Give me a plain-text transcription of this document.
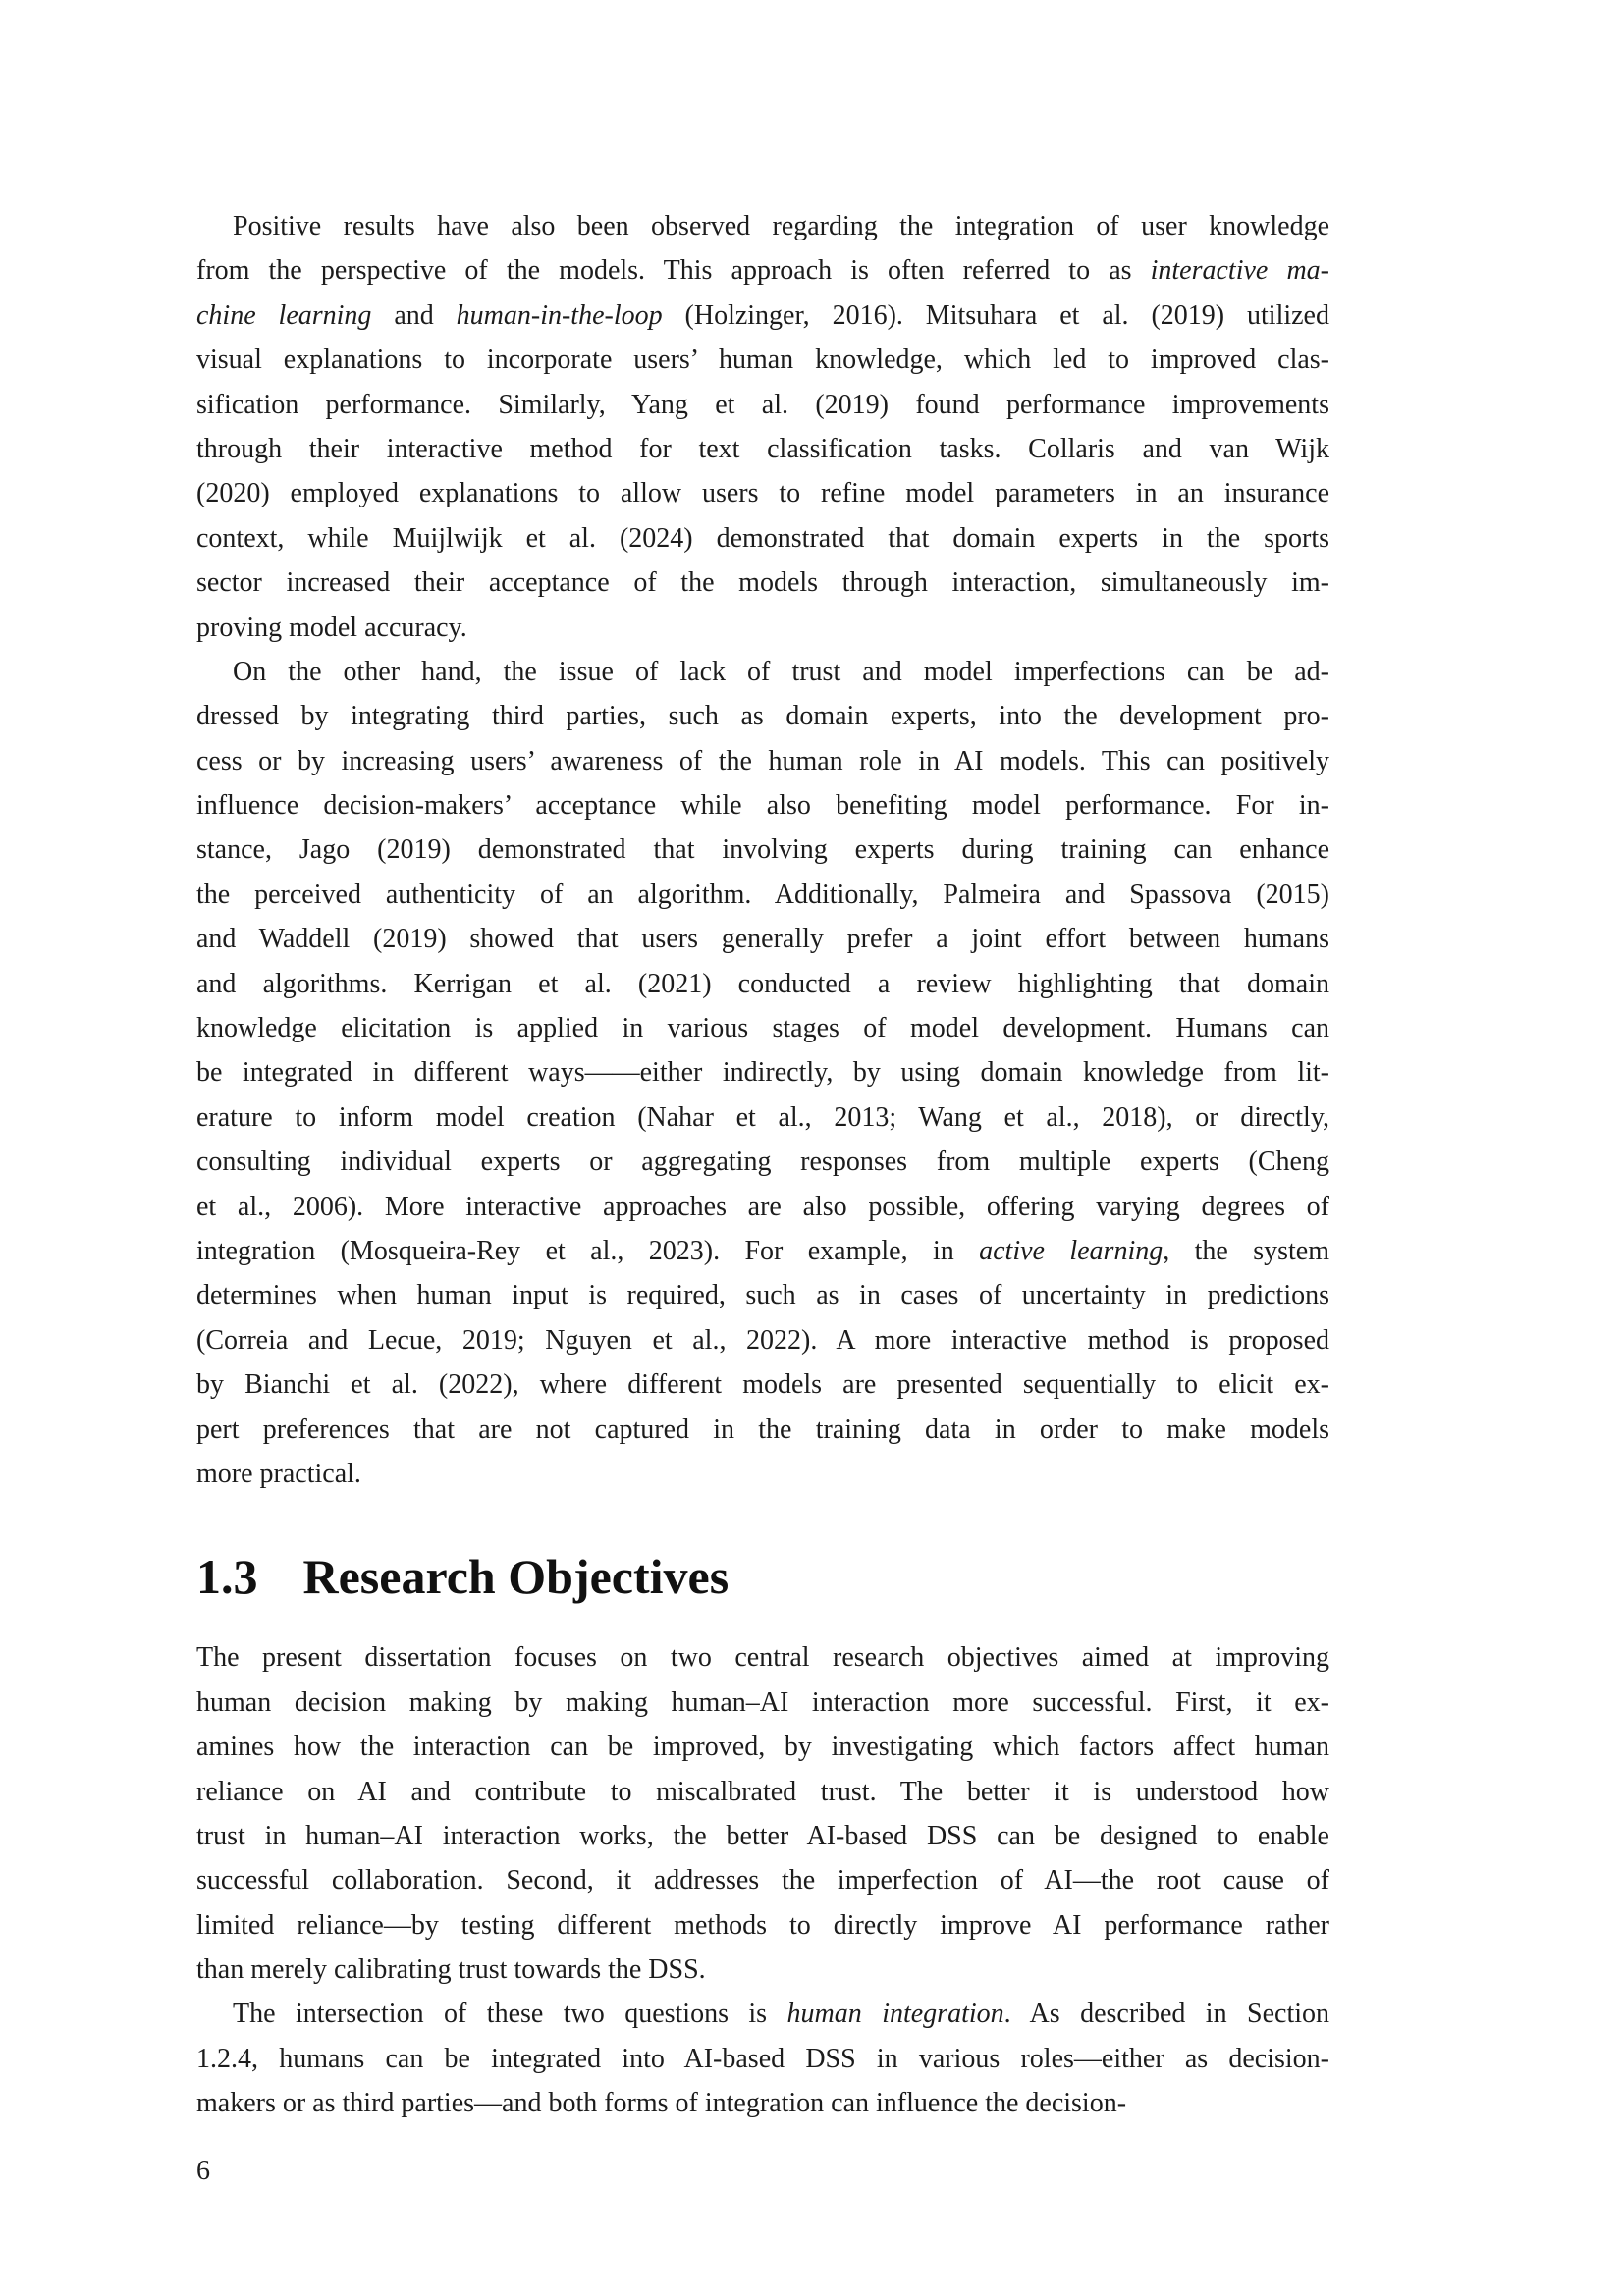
Positive results have also been observed regarding the integration of user knowledge
from the perspective of the models. This approach is often referred to as interactive ma-
chine learning and human-in-the-loop (Holzinger, 2016). Mitsuhara et al. (2019) utilized
visual explanations to incorporate users’ human knowledge, which led to improved clas-
sification performance. Similarly, Yang et al. (2019) found performance improvements
through their interactive method for text classification tasks. Collaris and van Wijk
(2020) employed explanations to allow users to refine model parameters in an insurance
context, while Muijlwijk et al. (2024) demonstrated that domain experts in the sports
sector increased their acceptance of the models through interaction, simultaneously im-
proving model accuracy.
On the other hand, the issue of lack of trust and model imperfections can be ad-
dressed by integrating third parties, such as domain experts, into the development pro-
cess or by increasing users’ awareness of the human role in AI models. This can positively
influence decision-makers’ acceptance while also benefiting model performance. For in-
stance, Jago (2019) demonstrated that involving experts during training can enhance
the perceived authenticity of an algorithm. Additionally, Palmeira and Spassova (2015)
and Waddell (2019) showed that users generally prefer a joint effort between humans
and algorithms. Kerrigan et al. (2021) conducted a review highlighting that domain
knowledge elicitation is applied in various stages of model development. Humans can
be integrated in different ways——either indirectly, by using domain knowledge from lit-
erature to inform model creation (Nahar et al., 2013; Wang et al., 2018), or directly,
consulting individual experts or aggregating responses from multiple experts (Cheng
et al., 2006). More interactive approaches are also possible, offering varying degrees of
integration (Mosqueira-Rey et al., 2023). For example, in active learning, the system
determines when human input is required, such as in cases of uncertainty in predictions
(Correia and Lecue, 2019; Nguyen et al., 2022). A more interactive method is proposed
by Bianchi et al. (2022), where different models are presented sequentially to elicit ex-
pert preferences that are not captured in the training data in order to make models
more practical.
1.3 Research Objectives
The present dissertation focuses on two central research objectives aimed at improving
human decision making by making human–AI interaction more successful. First, it ex-
amines how the interaction can be improved, by investigating which factors affect human
reliance on AI and contribute to miscalbrated trust. The better it is understood how
trust in human–AI interaction works, the better AI-based DSS can be designed to enable
successful collaboration. Second, it addresses the imperfection of AI—the root cause of
limited reliance—by testing different methods to directly improve AI performance rather
than merely calibrating trust towards the DSS.
The intersection of these two questions is human integration. As described in Section
1.2.4, humans can be integrated into AI-based DSS in various roles—either as decision-
makers or as third parties—and both forms of integration can influence the decision-
6
